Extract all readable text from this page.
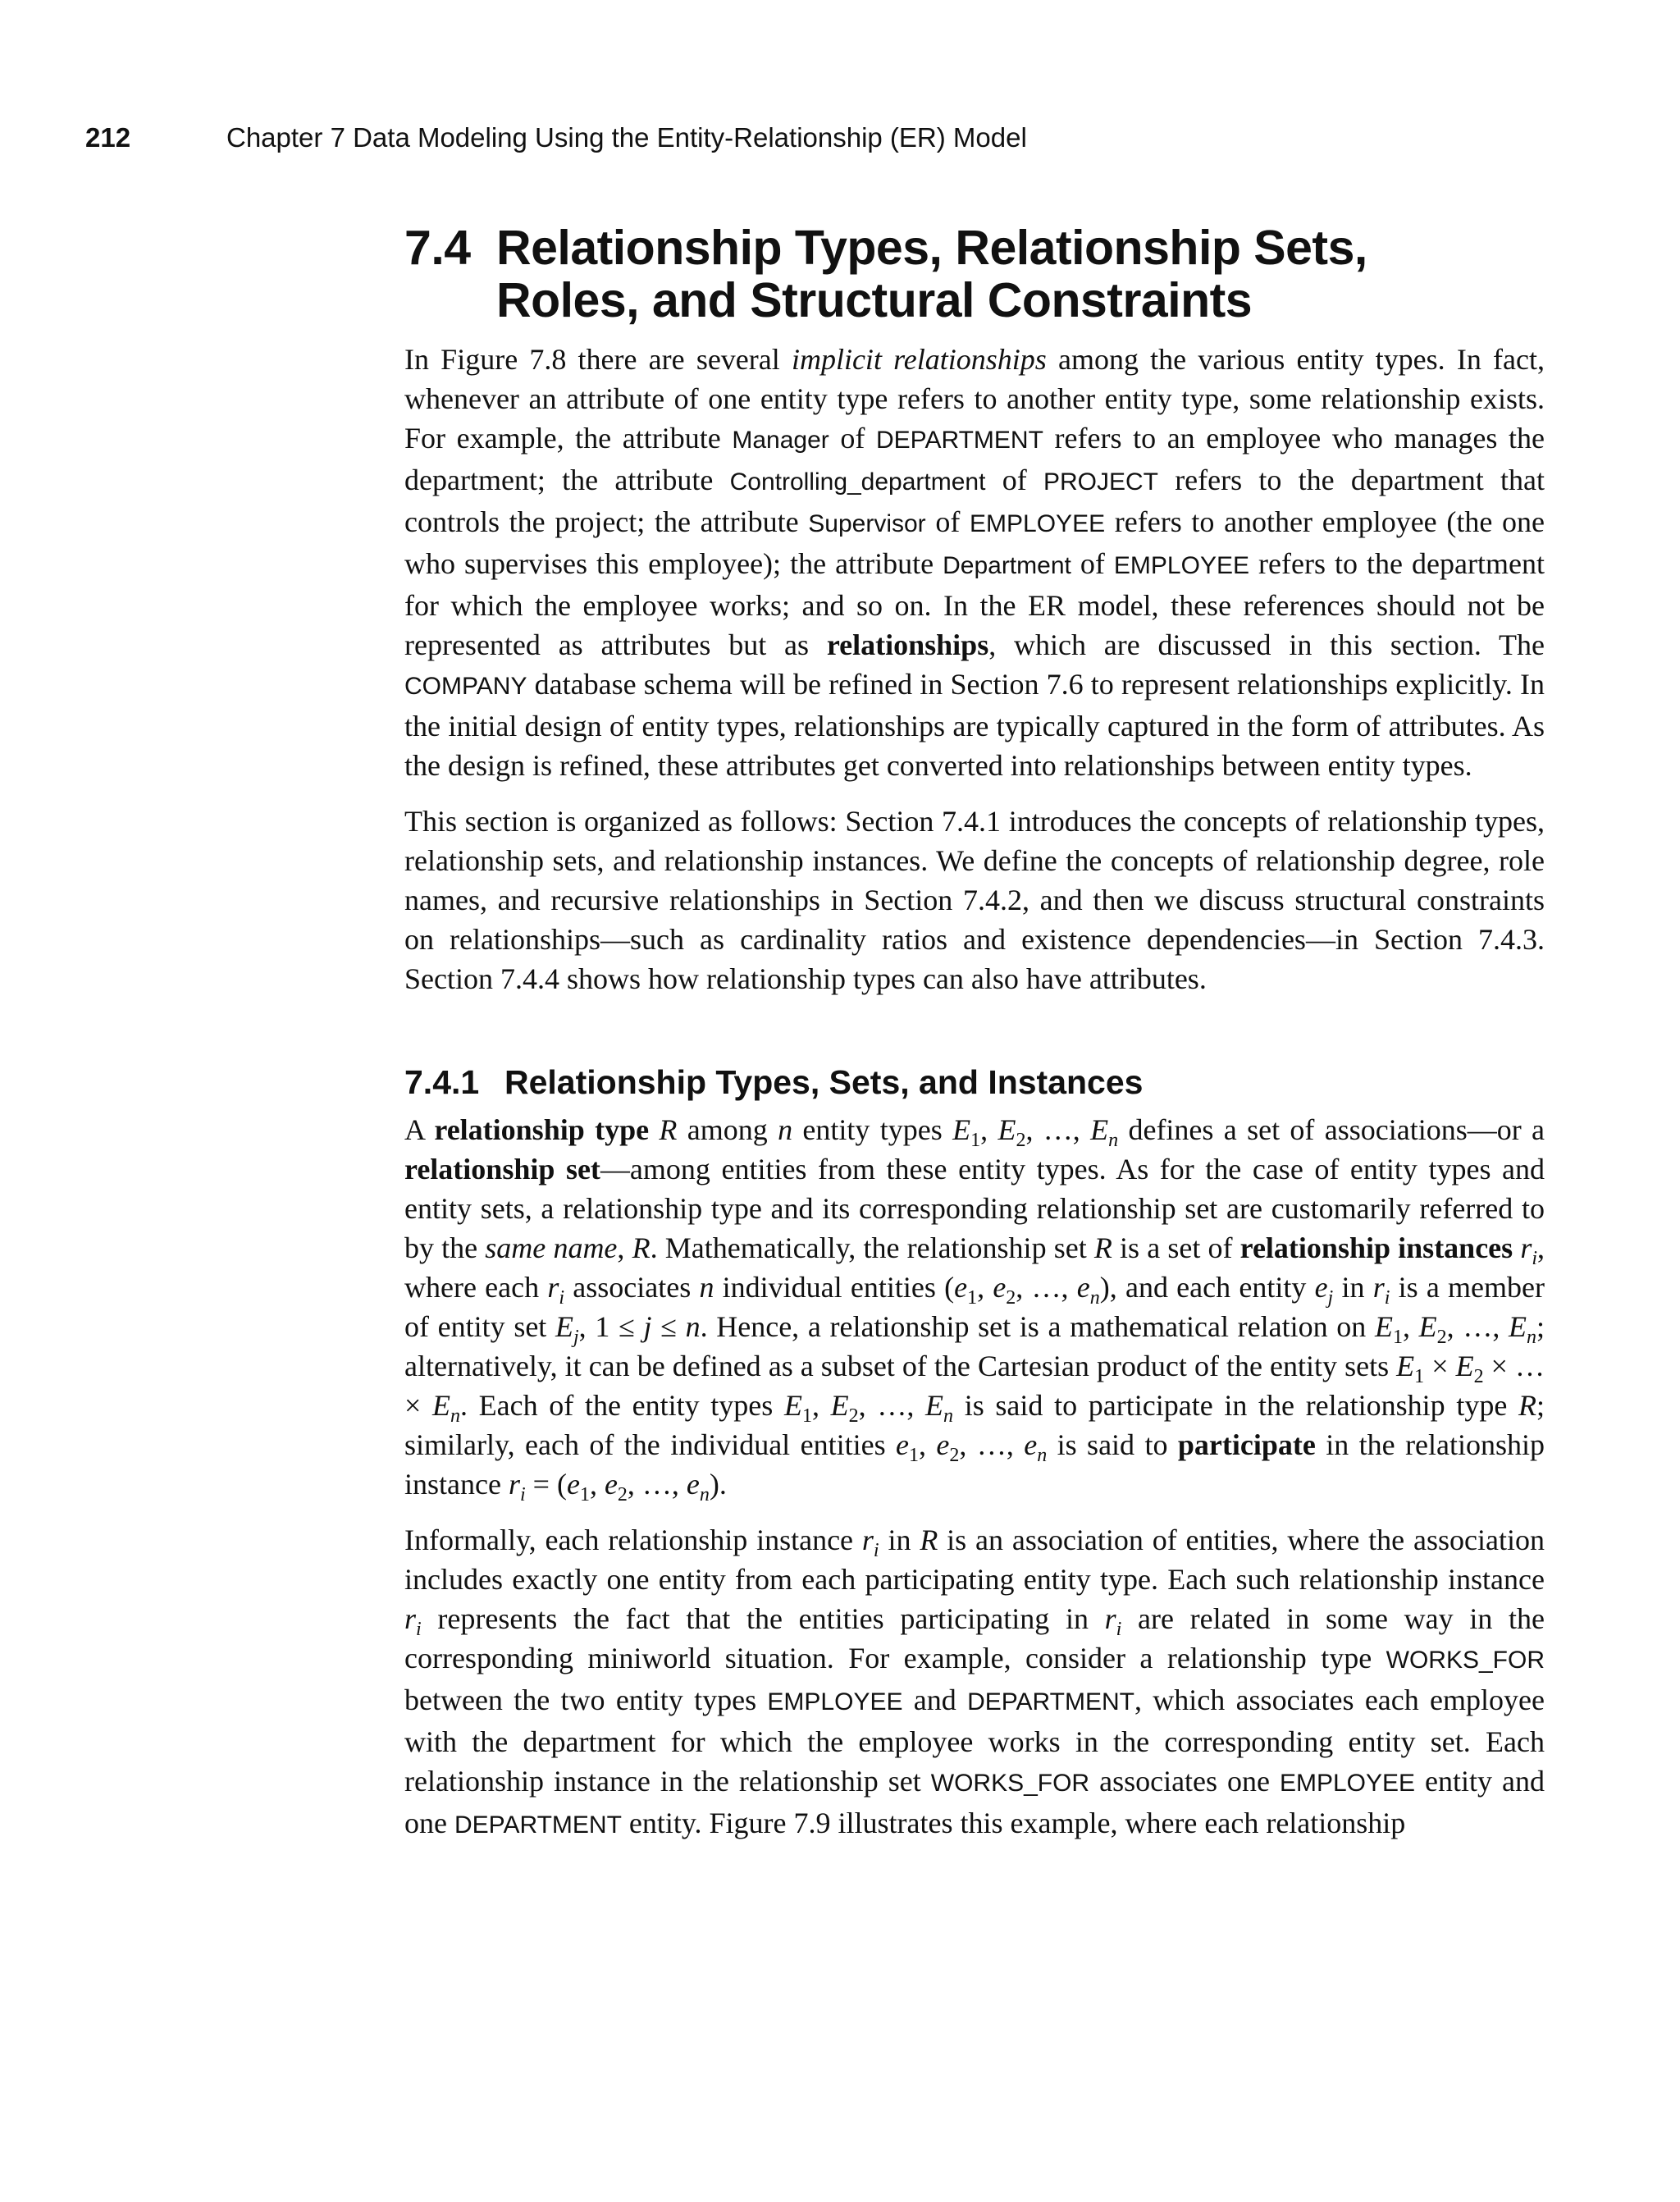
212	Chapter 7 Data Modeling Using the Entity-Relationship (ER) Model
7.4 Relationship Types, Relationship Sets,
Roles, and Structural Constraints

In Figure 7.8 there are several implicit relationships among the various entity types. In fact, whenever an attribute of one entity type refers to another entity type, some relationship exists. For example, the attribute Manager of DEPARTMENT refers to an employee who manages the department; the attribute Controlling_department of PROJECT refers to the department that controls the project; the attribute Supervisor of EMPLOYEE refers to another employee (the one who supervises this employee); the attribute Department of EMPLOYEE refers to the department for which the employee works; and so on. In the ER model, these references should not be represented as attributes but as relationships, which are discussed in this section. The COMPANY database schema will be refined in Section 7.6 to represent relationships explicitly. In the initial design of entity types, relationships are typically captured in the form of attributes. As the design is refined, these attributes get converted into relationships between entity types.

This section is organized as follows: Section 7.4.1 introduces the concepts of relationship types, relationship sets, and relationship instances. We define the concepts of relationship degree, role names, and recursive relationships in Section 7.4.2, and then we discuss structural constraints on relationships—such as cardinality ratios and existence dependencies—in Section 7.4.3. Section 7.4.4 shows how relationship types can also have attributes.

7.4.1 Relationship Types, Sets, and Instances

A relationship type R among n entity types $E_1$, $E_2$, …, $E_n$ defines a set of associations—or a relationship set—among entities from these entity types. As for the case of entity types and entity sets, a relationship type and its corresponding relationship set are customarily referred to by the same name, R. Mathematically, the relationship set R is a set of relationship instances $r_i$, where each $r_i$ associates n individual entities ($e_1$, $e_2$, …, $e_n$), and each entity $e_j$ in $r_i$ is a member of entity set $E_j$, 1 ≤ j ≤ n. Hence, a relationship set is a mathematical relation on $E_1$, $E_2$, …, $E_n$; alternatively, it can be defined as a subset of the Cartesian product of the entity sets $E_1 \times E_2$ × … × $E_n$. Each of the entity types $E_1$, $E_2$, …, $E_n$ is said to participate in the relationship type R; similarly, each of the individual entities $e_1$, $e_2$, …, $e_n$ is said to participate in the relationship instance $r_i = (e_1$, $e_2$, …, $e_n$).

Informally, each relationship instance $r_i$ in R is an association of entities, where the association includes exactly one entity from each participating entity type. Each such relationship instance $r_i$ represents the fact that the entities participating in $r_i$ are related in some way in the corresponding miniworld situation. For example, consider a relationship type WORKS_FOR between the two entity types EMPLOYEE and DEPARTMENT, which associates each employee with the department for which the employee works in the corresponding entity set. Each relationship instance in the relationship set WORKS_FOR associates one EMPLOYEE entity and one DEPARTMENT entity. Figure 7.9 illustrates this example, where each relationship
